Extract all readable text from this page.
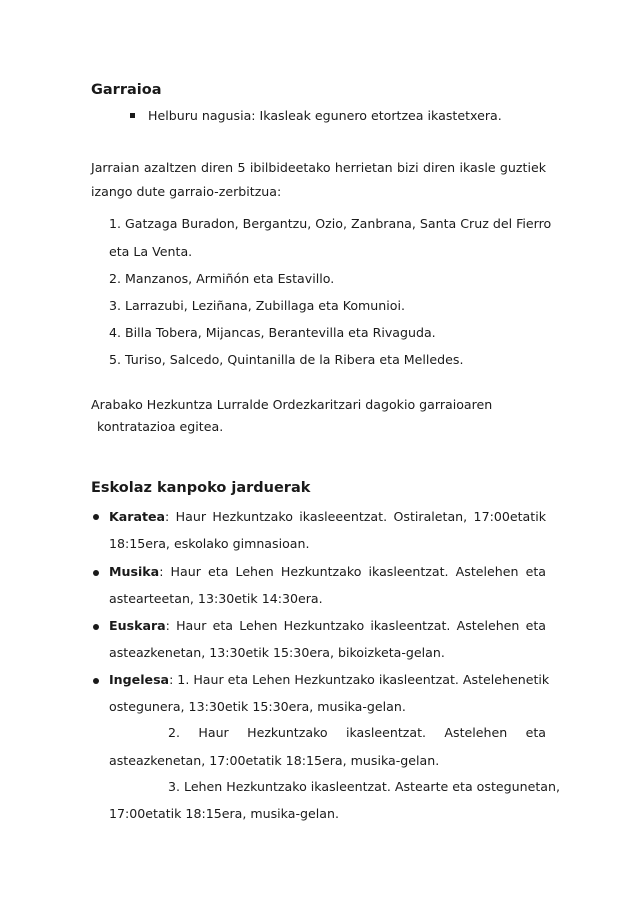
Garraioa
Helburu nagusia: Ikasleak egunero etortzea ikastetxera.
Jarraian azaltzen diren 5 ibilbideetako herrietan bizi diren ikasle guztiek
izango dute garraio-zerbitzua:
1. Gatzaga Buradon, Bergantzu, Ozio, Zanbrana, Santa Cruz del Fierro
eta La Venta.
2. Manzanos, Armiñón eta Estavillo.
3. Larrazubi, Leziñana, Zubillaga eta Komunioi.
4. Billa Tobera, Mijancas, Berantevilla eta Rivaguda.
5. Turiso, Salcedo, Quintanilla de la Ribera eta Melledes.
Arabako Hezkuntza Lurralde Ordezkaritzari dagokio garraioaren
kontratazioa egitea.
Eskolaz kanpoko jarduerak
Karatea: Haur Hezkuntzako ikasleeentzat. Ostiraletan, 17:00etatik
18:15era, eskolako gimnasioan.
Musika: Haur eta Lehen Hezkuntzako ikasleentzat. Astelehen eta
astearteetan, 13:30etik 14:30era.
Euskara: Haur eta Lehen Hezkuntzako ikasleentzat. Astelehen eta
asteazkenetan, 13:30etik 15:30era, bikoizketa-gelan.
Ingelesa: 1. Haur eta Lehen Hezkuntzako ikasleentzat. Astelehenetik
ostegunera, 13:30etik 15:30era, musika-gelan.
2. Haur Hezkuntzako ikasleentzat. Astelehen eta
asteazkenetan, 17:00etatik 18:15era, musika-gelan.
3. Lehen Hezkuntzako ikasleentzat. Astearte eta ostegunetan,
17:00etatik 18:15era, musika-gelan.
